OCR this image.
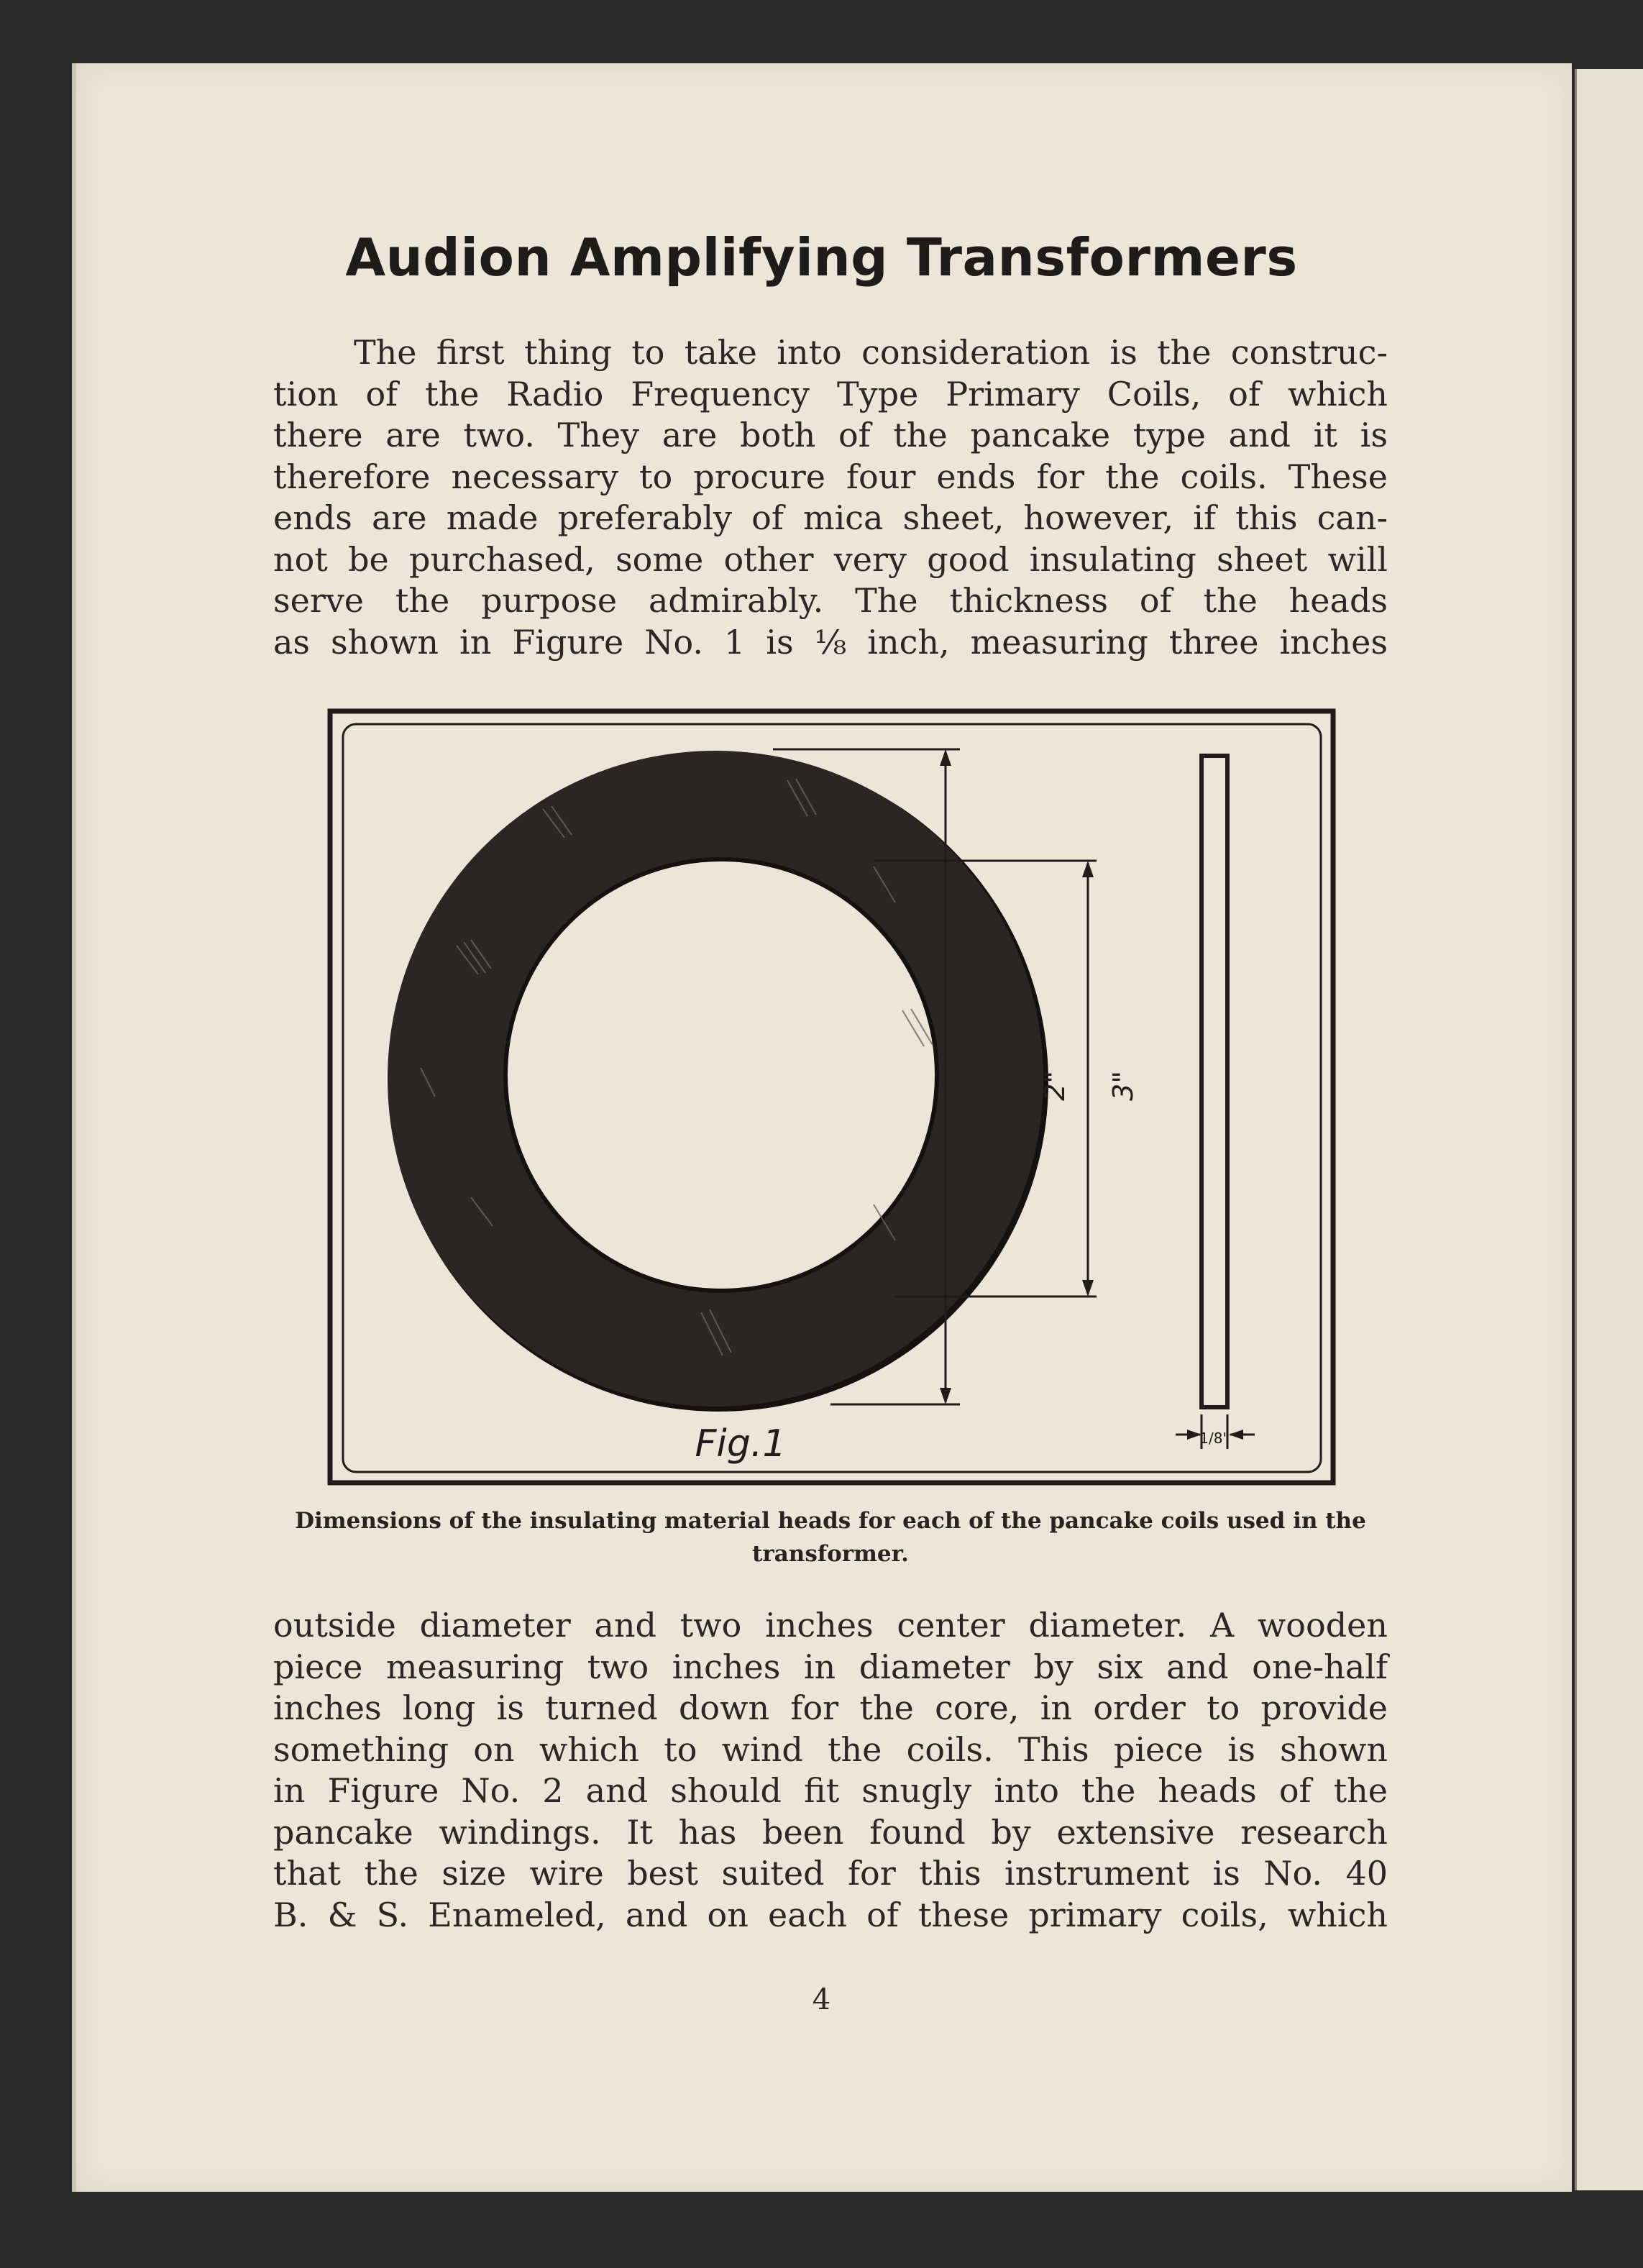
Audion Amplifying Transformers
The first thing to take into consideration is the construc-
tion of the Radio Frequency Type Primary Coils, of which
there are two. They are both of the pancake type and it is
therefore necessary to procure four ends for the coils. These
ends are made preferably of mica sheet, however, if this can-
not be purchased, some other very good insulating sheet will
serve the purpose admirably. The thickness of the heads
as shown in Figure No. 1 is ⅛ inch, measuring three inches
2" 3"
1/8"
Fig.1
Dimensions of the insulating material heads for each of the pancake coils used in the transformer.
outside diameter and two inches center diameter. A wooden
piece measuring two inches in diameter by six and one-half
inches long is turned down for the core, in order to provide
something on which to wind the coils. This piece is shown
in Figure No. 2 and should fit snugly into the heads of the
pancake windings. It has been found by extensive research
that the size wire best suited for this instrument is No. 40
B. & S. Enameled, and on each of these primary coils, which

4
